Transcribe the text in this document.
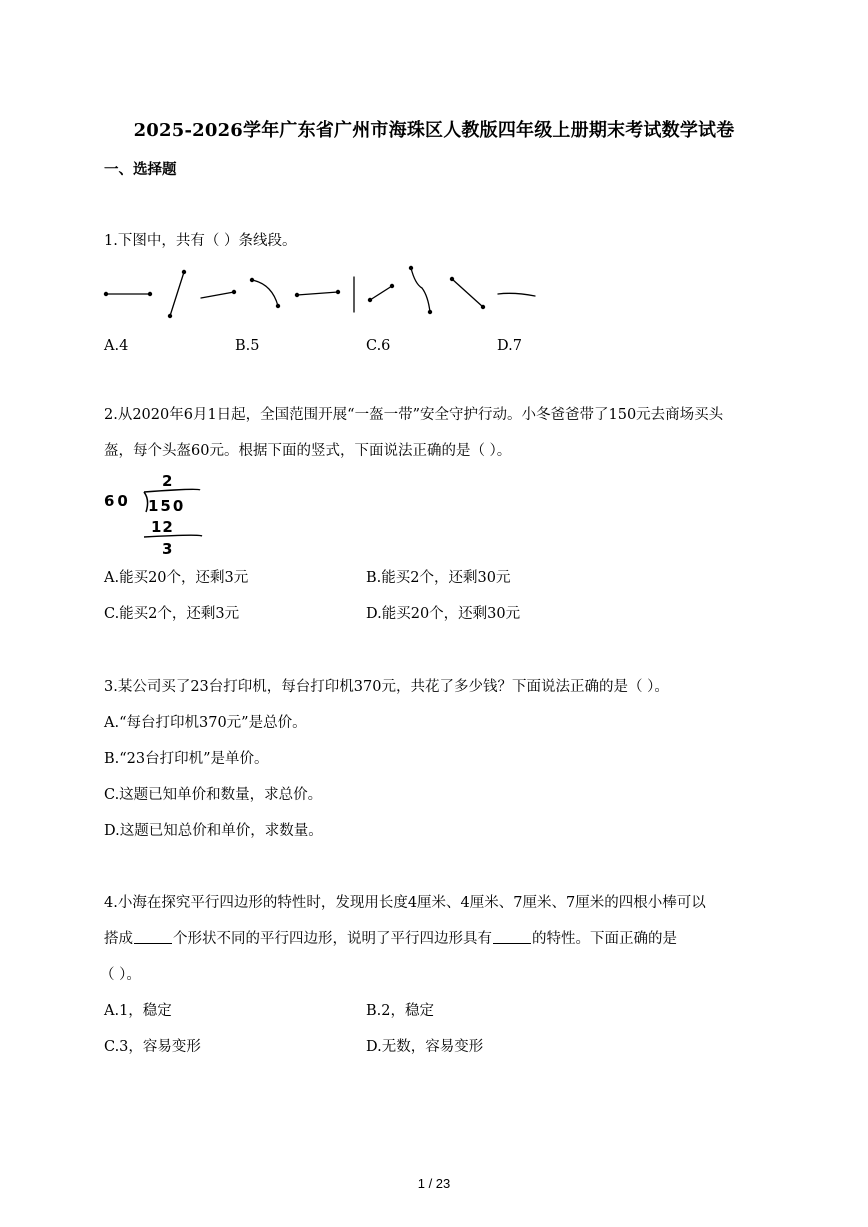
2025-2026学年广东省广州市海珠区人教版四年级上册期末考试数学试卷
一、选择题
1.下图中，共有（ ）条线段。
A.4	B.5	C.6	D.7
2.从2020年6月1日起，全国范围开展“一盔一带”安全守护行动。小冬爸爸带了150元去商场买头
盔，每个头盔60元。根据下面的竖式，下面说法正确的是（ ）。
2
60 150
12
3
A.能买20个，还剩3元	B.能买2个，还剩30元
C.能买2个，还剩3元	D.能买20个，还剩30元
3.某公司买了23台打印机，每台打印机370元，共花了多少钱？下面说法正确的是（ ）。
A.“每台打印机370元”是总价。
B.“23台打印机”是单价。
C.这题已知单价和数量，求总价。
D.这题已知总价和单价，求数量。
4.小海在探究平行四边形的特性时，发现用长度4厘米、4厘米、7厘米、7厘米的四根小棒可以
搭成	个形状不同的平行四边形，说明了平行四边形具有	的特性。下面正确的是
（ ）。
A.1，稳定	B.2，稳定
C.3，容易变形	D.无数，容易变形
1 / 23
